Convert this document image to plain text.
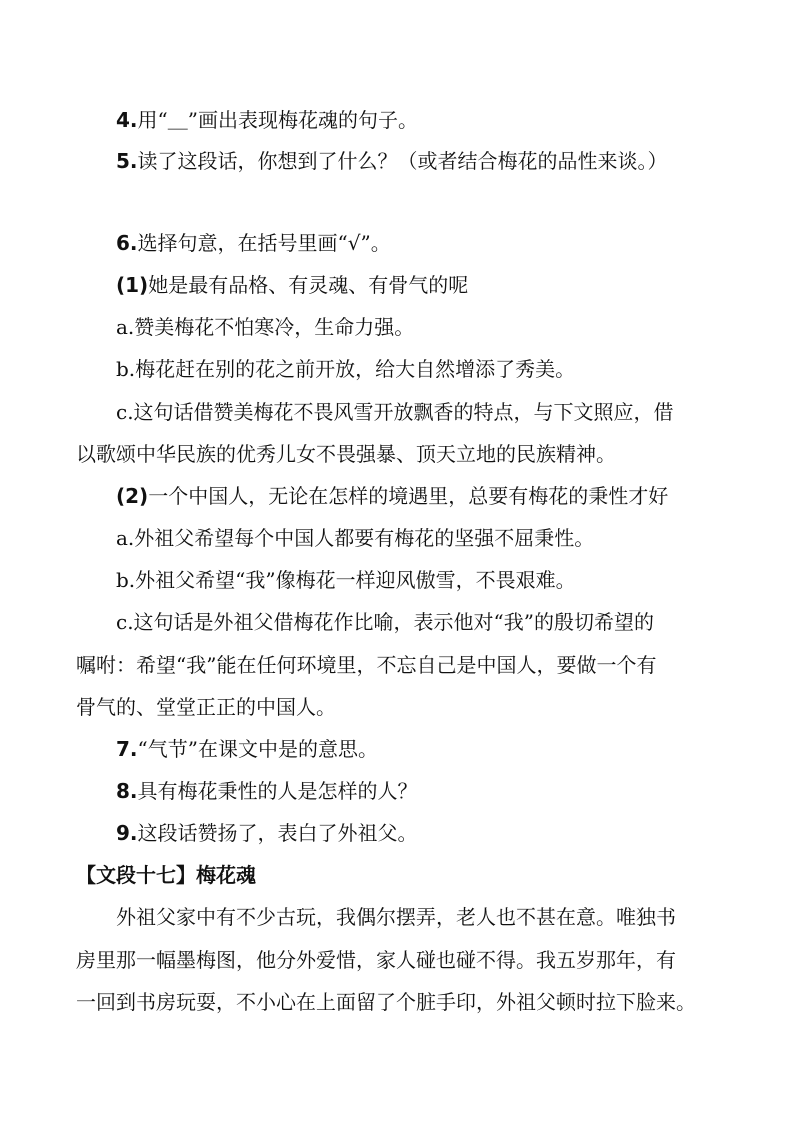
4.用“＿”画出表现梅花魂的句子。
5.读了这段话，你想到了什么？（或者结合梅花的品性来谈。）
6.选择句意，在括号里画“√”。
(1)她是最有品格、有灵魂、有骨气的呢
a.赞美梅花不怕寒冷，生命力强。
b.梅花赶在别的花之前开放，给大自然增添了秀美。
c.这句话借赞美梅花不畏风雪开放飘香的特点，与下文照应，借
以歌颂中华民族的优秀儿女不畏强暴、顶天立地的民族精神。
(2)一个中国人，无论在怎样的境遇里，总要有梅花的秉性才好
a.外祖父希望每个中国人都要有梅花的坚强不屈秉性。
b.外祖父希望“我”像梅花一样迎风傲雪，不畏艰难。
c.这句话是外祖父借梅花作比喻，表示他对“我”的殷切希望的
嘱咐：希望“我”能在任何环境里，不忘自己是中国人，要做一个有
骨气的、堂堂正正的中国人。
7.“气节”在课文中是的意思。
8.具有梅花秉性的人是怎样的人？
9.这段话赞扬了，表白了外祖父。
【文段十七】梅花魂
外祖父家中有不少古玩，我偶尔摆弄，老人也不甚在意。唯独书
房里那一幅墨梅图，他分外爱惜，家人碰也碰不得。我五岁那年，有
一回到书房玩耍，不小心在上面留了个脏手印，外祖父顿时拉下脸来。
